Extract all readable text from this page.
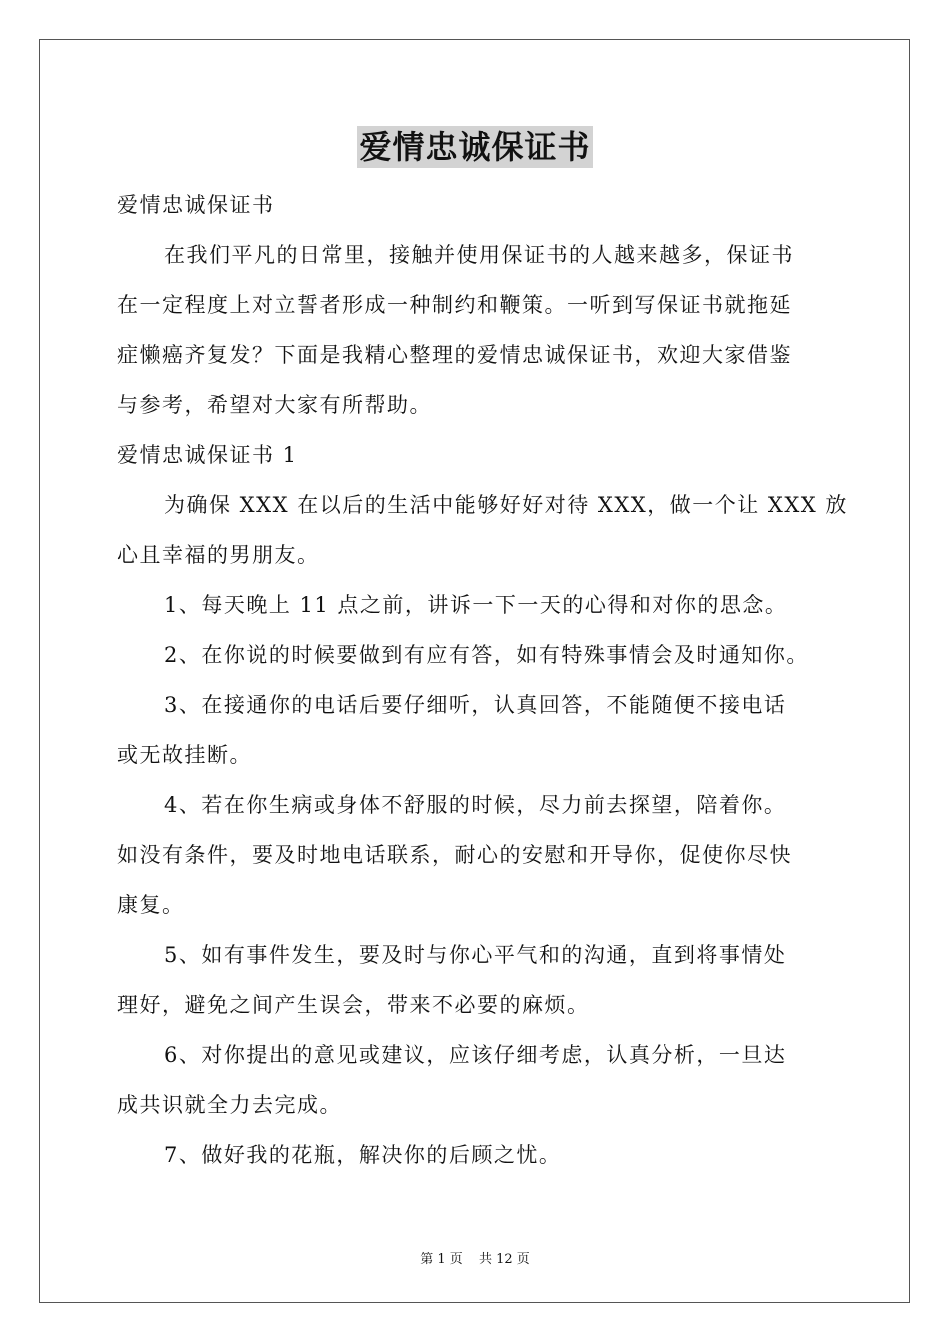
爱情忠诚保证书
爱情忠诚保证书
在我们平凡的日常里，接触并使用保证书的人越来越多，保证书
在一定程度上对立誓者形成一种制约和鞭策。一听到写保证书就拖延
症懒癌齐复发？下面是我精心整理的爱情忠诚保证书，欢迎大家借鉴
与参考，希望对大家有所帮助。
爱情忠诚保证书 1
为确保 XXX 在以后的生活中能够好好对待 XXX，做一个让 XXX 放
心且幸福的男朋友。
1、每天晚上 11 点之前，讲诉一下一天的心得和对你的思念。
2、在你说的时候要做到有应有答，如有特殊事情会及时通知你。
3、在接通你的电话后要仔细听，认真回答，不能随便不接电话
或无故挂断。
4、若在你生病或身体不舒服的时候，尽力前去探望，陪着你。
如没有条件，要及时地电话联系，耐心的安慰和开导你，促使你尽快
康复。
5、如有事件发生，要及时与你心平气和的沟通，直到将事情处
理好，避免之间产生误会，带来不必要的麻烦。
6、对你提出的意见或建议，应该仔细考虑，认真分析，一旦达
成共识就全力去完成。
7、做好我的花瓶，解决你的后顾之忧。
第 1 页 共 12 页
